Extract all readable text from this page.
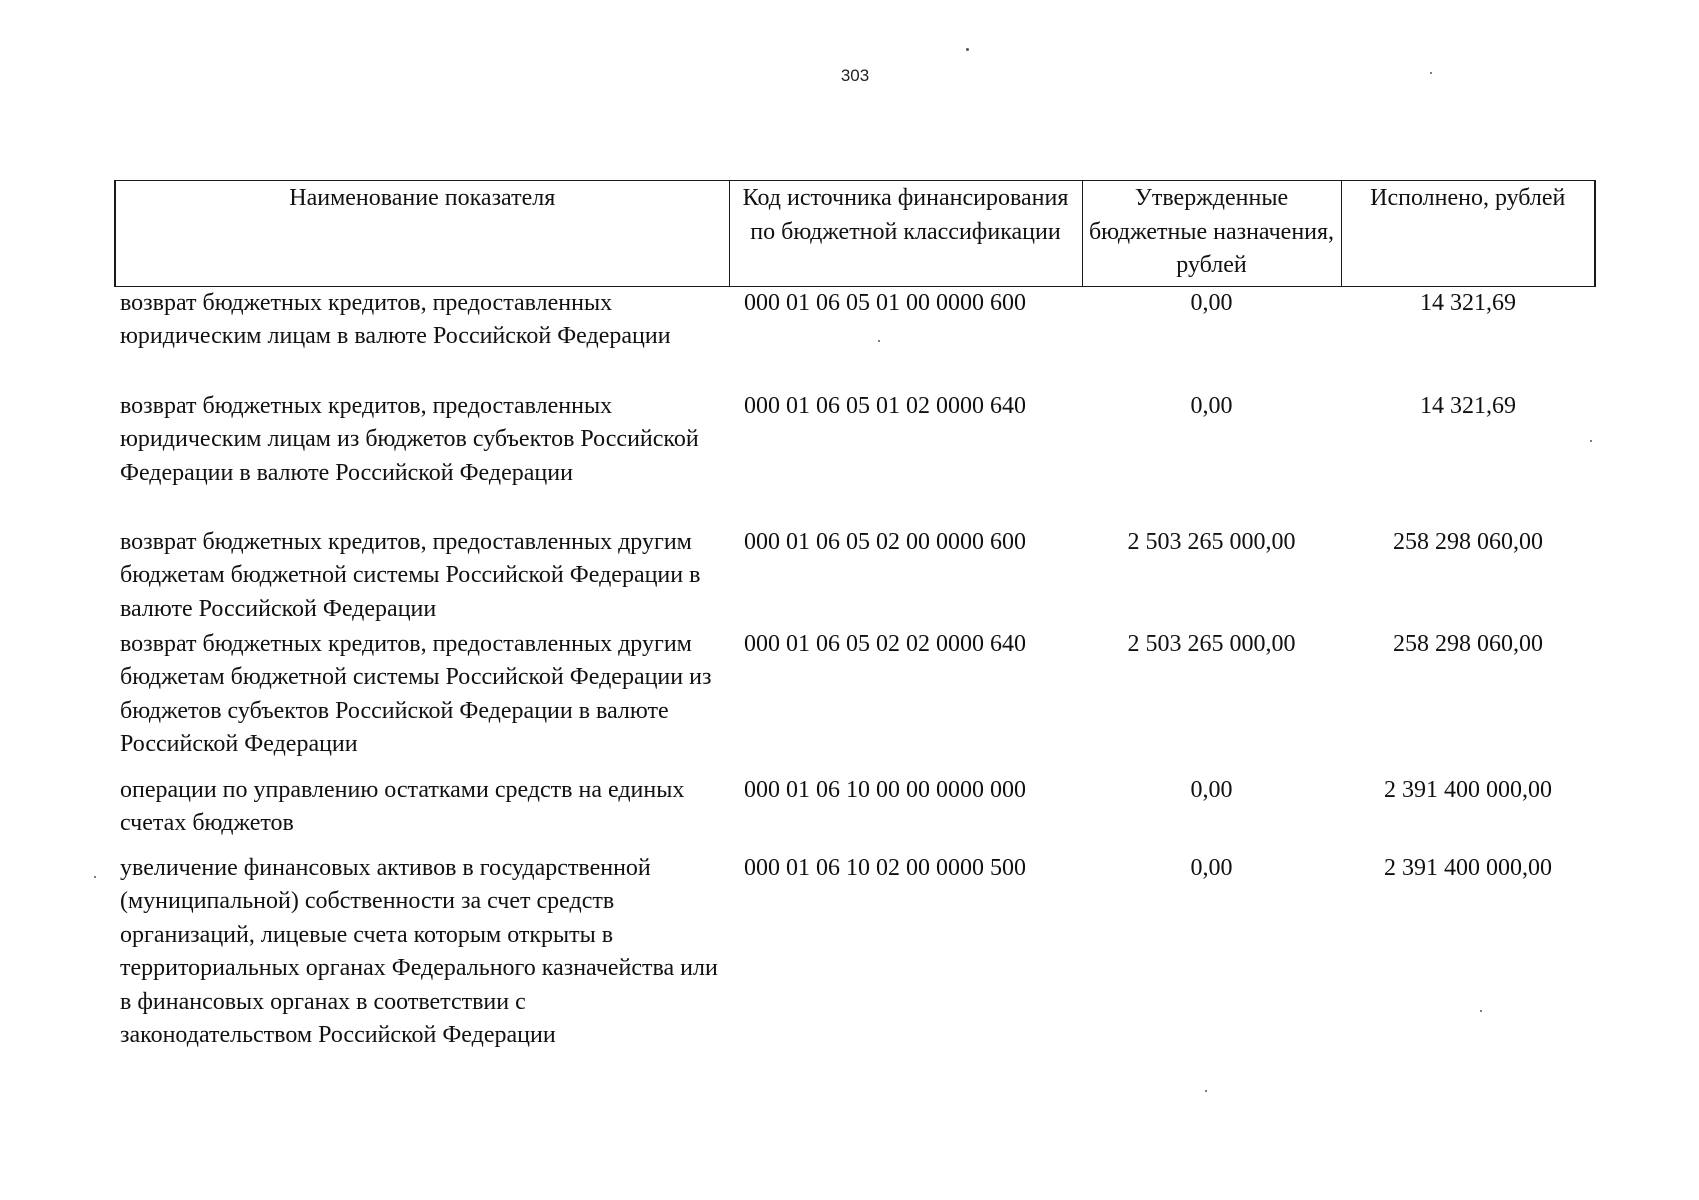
303
Наименование показателя	Код источника финансирования по бюджетной классификации	Утвержденные бюджетные назначения, рублей	Исполнено, рублей
возврат бюджетных кредитов, предоставленных юридическим лицам в валюте Российской Федерации	000 01 06 05 01 00 0000 600	0,00	14 321,69
возврат бюджетных кредитов, предоставленных юридическим лицам из бюджетов субъектов Российской Федерации в валюте Российской Федерации	000 01 06 05 01 02 0000 640	0,00	14 321,69
возврат бюджетных кредитов, предоставленных другим бюджетам бюджетной системы Российской Федерации в валюте Российской Федерации	000 01 06 05 02 00 0000 600	2 503 265 000,00	258 298 060,00
возврат бюджетных кредитов, предоставленных другим бюджетам бюджетной системы Российской Федерации из бюджетов субъектов Российской Федерации в валюте Российской Федерации	000 01 06 05 02 02 0000 640	2 503 265 000,00	258 298 060,00
операции по управлению остатками средств на единых счетах бюджетов	000 01 06 10 00 00 0000 000	0,00	2 391 400 000,00
увеличение финансовых активов в государственной (муниципальной) собственности за счет средств организаций, лицевые счета которым открыты в территориальных органах Федерального казначейства или в финансовых органах в соответствии с законодательством Российской Федерации	000 01 06 10 02 00 0000 500	0,00	2 391 400 000,00
